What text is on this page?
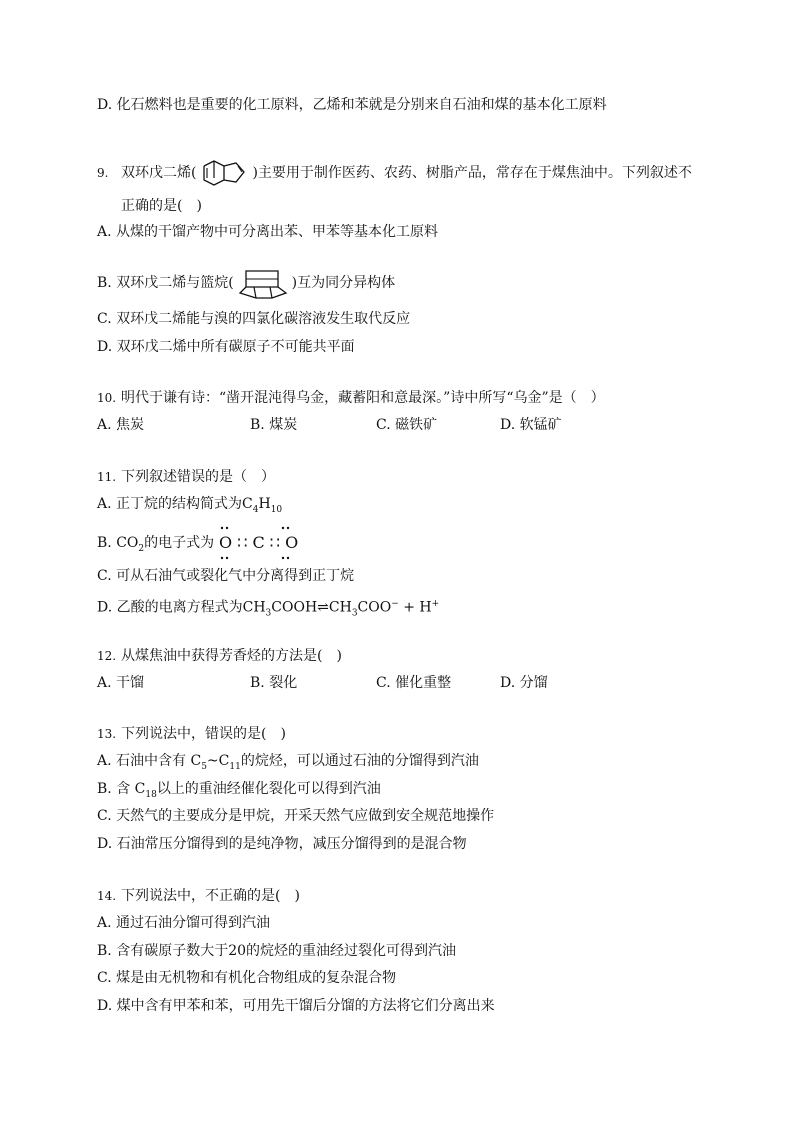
D. 化石燃料也是重要的化工原料，乙烯和苯就是分别来自石油和煤的基本化工原料
9. 双环戊二烯(	)主要用于制作医药、农药、树脂产品，常存在于煤焦油中。下列叙述不
正确的是(　)
A. 从煤的干馏产物中可分离出苯、甲苯等基本化工原料
B. 双环戊二烯与篮烷(	)互为同分异构体
C. 双环戊二烯能与溴的四氯化碳溶液发生取代反应
D. 双环戊二烯中所有碳原子不可能共平面
10. 明代于谦有诗：“凿开混沌得乌金，藏蓄阳和意最深。”诗中所写“乌金”是（　）
A. 焦炭	B. 煤炭	C. 磁铁矿	D. 软锰矿
11. 下列叙述错误的是（　）
A. 正丁烷的结构简式为$C_4H_{10}$
B. $CO_2$的电子式为 O ∷ C ∷ O
C. 可从石油气或裂化气中分离得到正丁烷
D. 乙酸的电离方程式为$CH_3COOH\rightleftharpoons CH_3COO^- + H^+$
12. 从煤焦油中获得芳香烃的方法是(　)
A. 干馏	B. 裂化	C. 催化重整	D. 分馏
13. 下列说法中，错误的是(　)
A. 石油中含有 $C_5\sim C_{11}$的烷烃，可以通过石油的分馏得到汽油
B. 含 $C_{18}$以上的重油经催化裂化可以得到汽油
C. 天然气的主要成分是甲烷，开采天然气应做到安全规范地操作
D. 石油常压分馏得到的是纯净物，减压分馏得到的是混合物
14. 下列说法中，不正确的是(　)
A. 通过石油分馏可得到汽油
B. 含有碳原子数大于20的烷烃的重油经过裂化可得到汽油
C. 煤是由无机物和有机化合物组成的复杂混合物
D. 煤中含有甲苯和苯，可用先干馏后分馏的方法将它们分离出来
